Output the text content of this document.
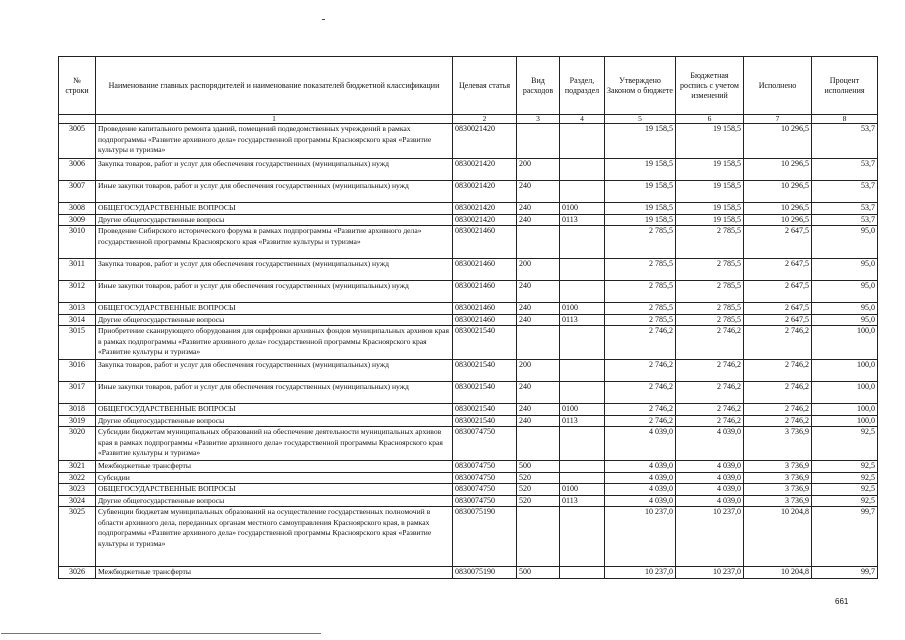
№ строки	Наименование главных распорядителей и наименование показателей бюджетной классификации	Целевая статья	Вид расходов	Раздел, подраздел	Утверждено Законом о бюджете	Бюджетная роспись с учетом изменений	Исполнено	Процент исполнения
	1	2	3	4	5	6	7	8
3005	Проведение капитального ремонта зданий, помещений подведомственных учреждений в рамках подпрограммы «Развитие архивного дела» государственной программы Красноярского края «Развитие культуры и туризма»	0830021420			19 158,5	19 158,5	10 296,5	53,7
3006	Закупка товаров, работ и услуг для обеспечения государственных (муниципальных) нужд	0830021420	200		19 158,5	19 158,5	10 296,5	53,7
3007	Иные закупки товаров, работ и услуг для обеспечения государственных (муниципальных) нужд	0830021420	240		19 158,5	19 158,5	10 296,5	53,7
3008	ОБЩЕГОСУДАРСТВЕННЫЕ ВОПРОСЫ	0830021420	240	0100	19 158,5	19 158,5	10 296,5	53,7
3009	Другие общегосударственные вопросы	0830021420	240	0113	19 158,5	19 158,5	10 296,5	53,7
3010	Проведение Сибирского исторического форума в рамках подпрограммы «Развитие архивного дела» государственной программы Красноярского края «Развитие культуры и туризма»	0830021460			2 785,5	2 785,5	2 647,5	95,0
3011	Закупка товаров, работ и услуг для обеспечения государственных (муниципальных) нужд	0830021460	200		2 785,5	2 785,5	2 647,5	95,0
3012	Иные закупки товаров, работ и услуг для обеспечения государственных (муниципальных) нужд	0830021460	240		2 785,5	2 785,5	2 647,5	95,0
3013	ОБЩЕГОСУДАРСТВЕННЫЕ ВОПРОСЫ	0830021460	240	0100	2 785,5	2 785,5	2 647,5	95,0
3014	Другие общегосударственные вопросы	0830021460	240	0113	2 785,5	2 785,5	2 647,5	95,0
3015	Приобретение сканирующего оборудования для оцифровки архивных фондов муниципальных архивов края в рамках подпрограммы «Развитие архивного дела» государственной программы Красноярского края «Развитие культуры и туризма»	0830021540			2 746,2	2 746,2	2 746,2	100,0
3016	Закупка товаров, работ и услуг для обеспечения государственных (муниципальных) нужд	0830021540	200		2 746,2	2 746,2	2 746,2	100,0
3017	Иные закупки товаров, работ и услуг для обеспечения государственных (муниципальных) нужд	0830021540	240		2 746,2	2 746,2	2 746,2	100,0
3018	ОБЩЕГОСУДАРСТВЕННЫЕ ВОПРОСЫ	0830021540	240	0100	2 746,2	2 746,2	2 746,2	100,0
3019	Другие общегосударственные вопросы	0830021540	240	0113	2 746,2	2 746,2	2 746,2	100,0
3020	Субсидии бюджетам муниципальных образований на обеспечение деятельности муниципальных архивов края в рамках подпрограммы «Развитие архивного дела» государственной программы Красноярского края «Развитие культуры и туризма»	0830074750			4 039,0	4 039,0	3 736,9	92,5
3021	Межбюджетные трансферты	0830074750	500		4 039,0	4 039,0	3 736,9	92,5
3022	Субсидии	0830074750	520		4 039,0	4 039,0	3 736,9	92,5
3023	ОБЩЕГОСУДАРСТВЕННЫЕ ВОПРОСЫ	0830074750	520	0100	4 039,0	4 039,0	3 736,9	92,5
3024	Другие общегосударственные вопросы	0830074750	520	0113	4 039,0	4 039,0	3 736,9	92,5
3025	Субвенции бюджетам муниципальных образований на осуществление государственных полномочий в области архивного дела, переданных органам местного самоуправления Красноярского края, в рамках подпрограммы «Развитие архивного дела» государственной программы Красноярского края «Развитие культуры и туризма»	0830075190			10 237,0	10 237,0	10 204,8	99,7
3026	Межбюджетные трансферты	0830075190	500		10 237,0	10 237,0	10 204,8	99,7
661
